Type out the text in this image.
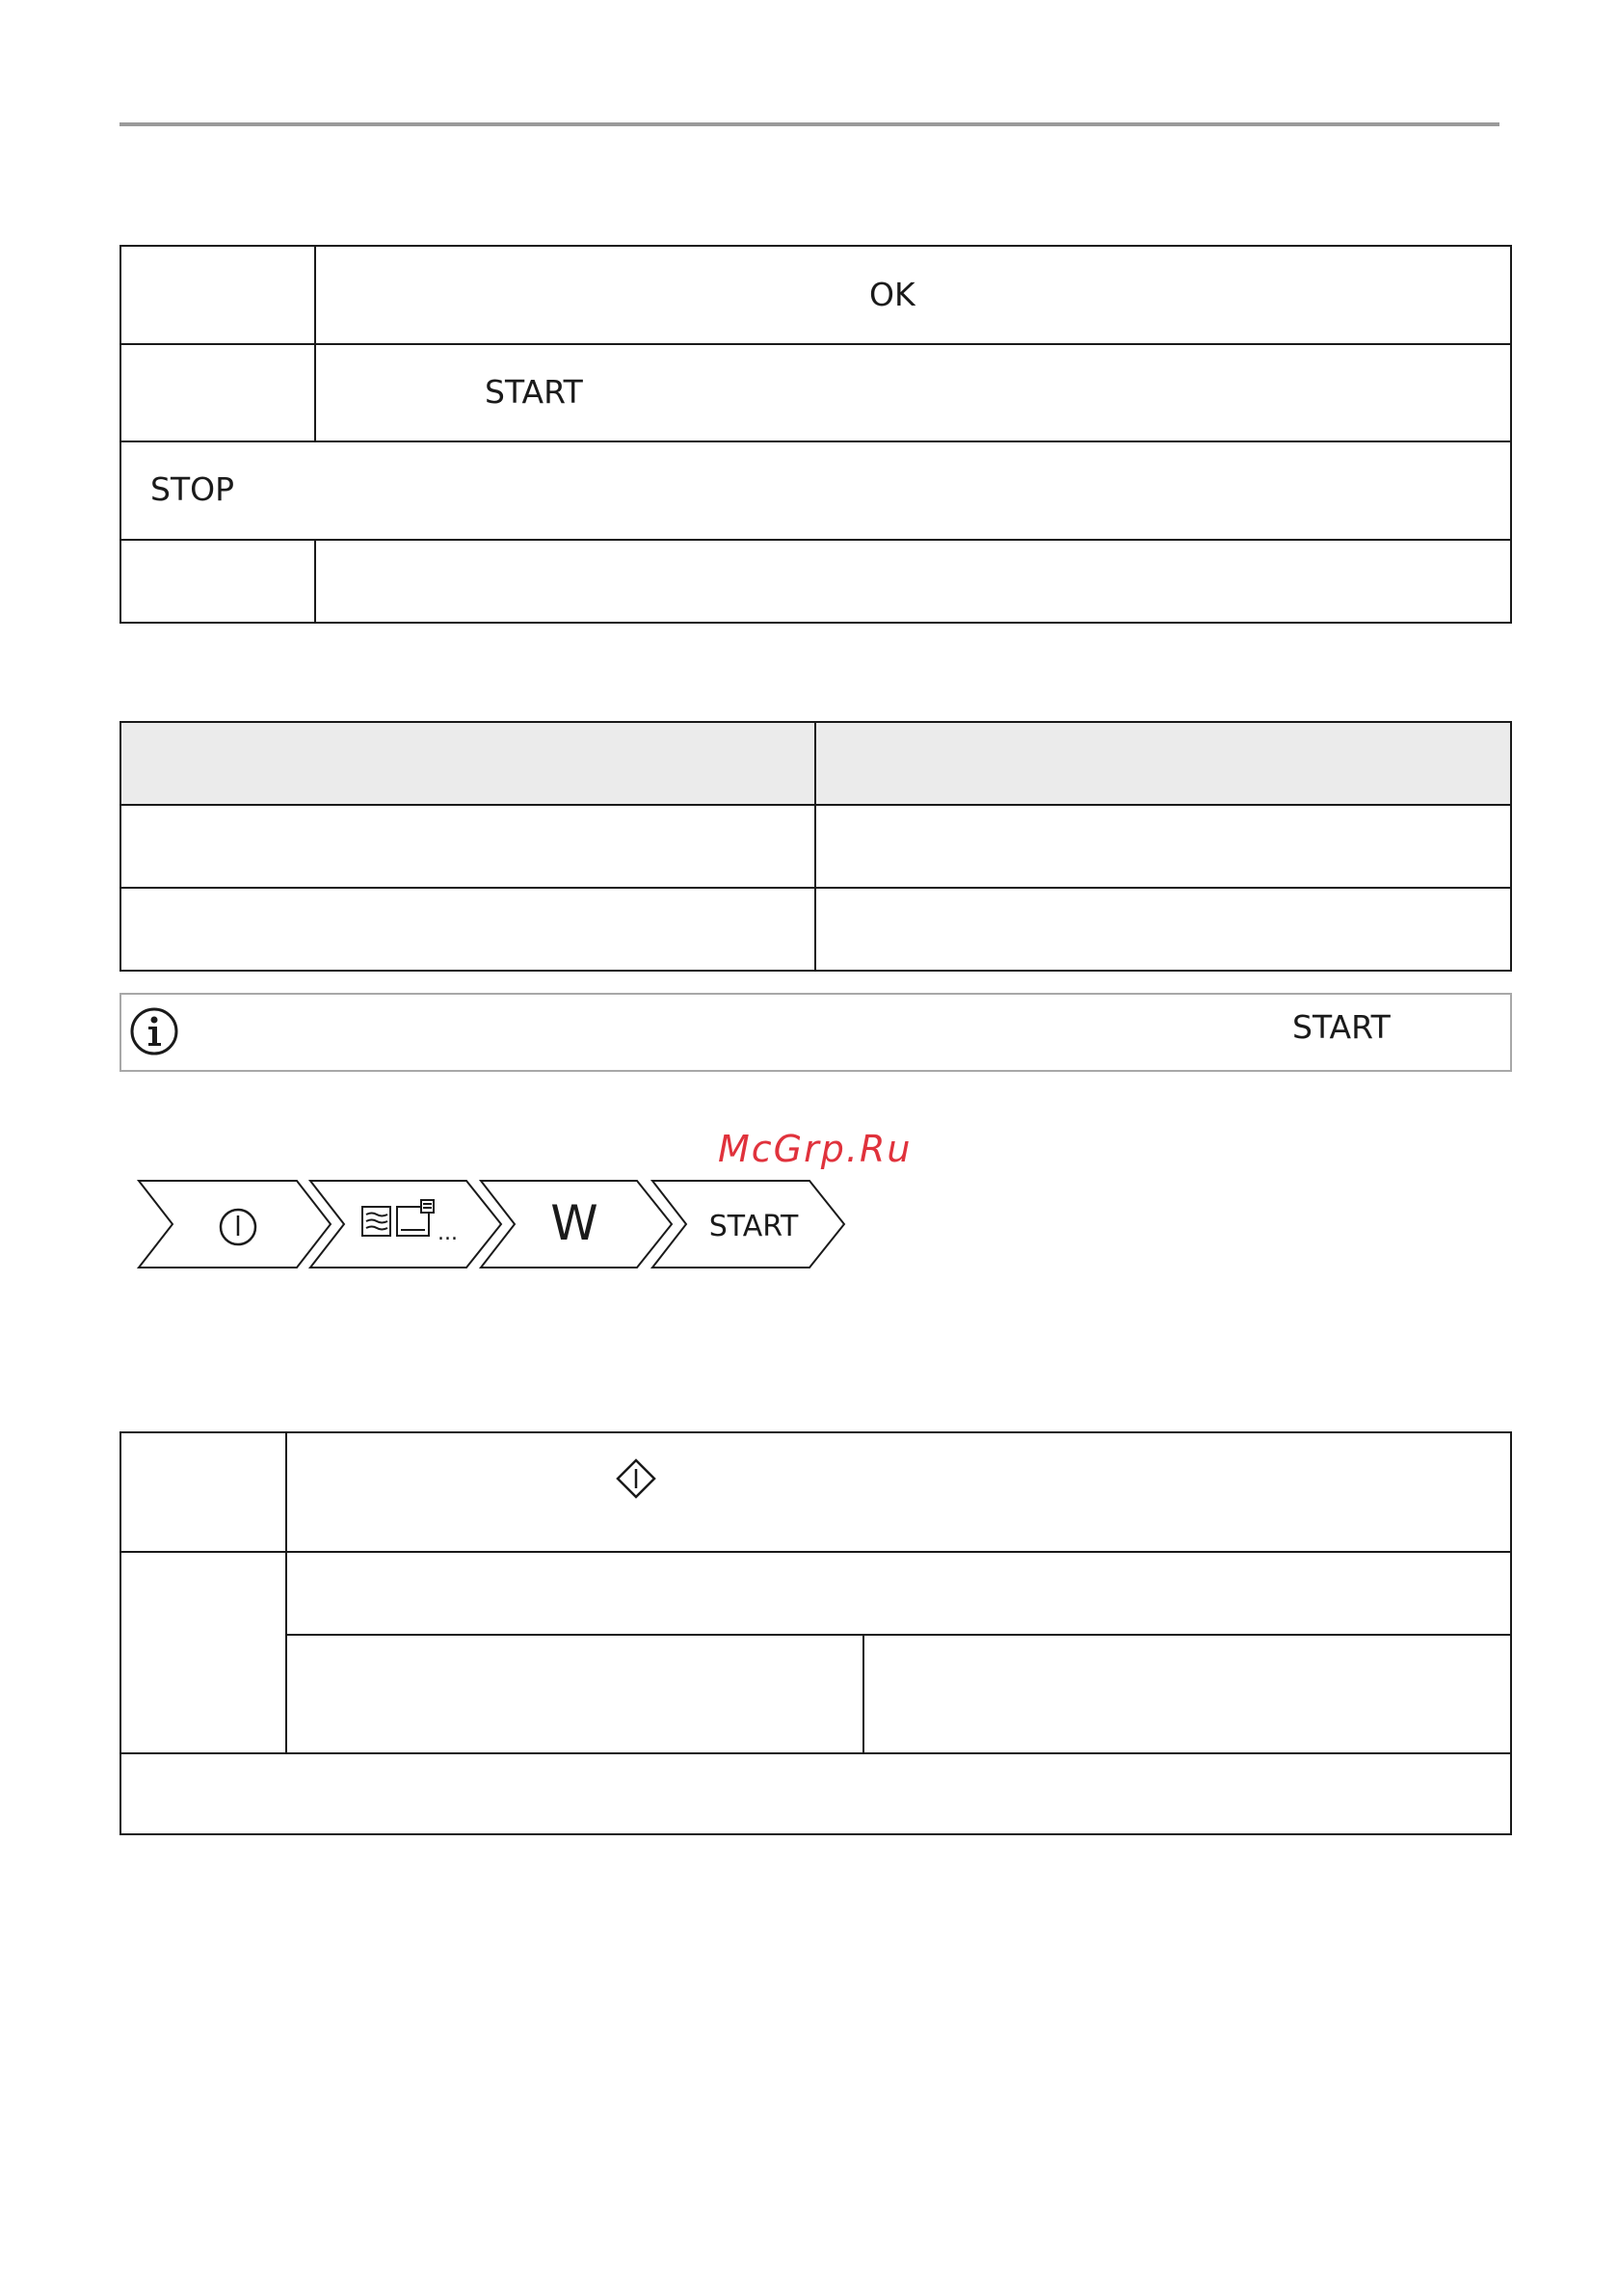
OK
START
STOP
START
McGrp.Ru
... W	START
